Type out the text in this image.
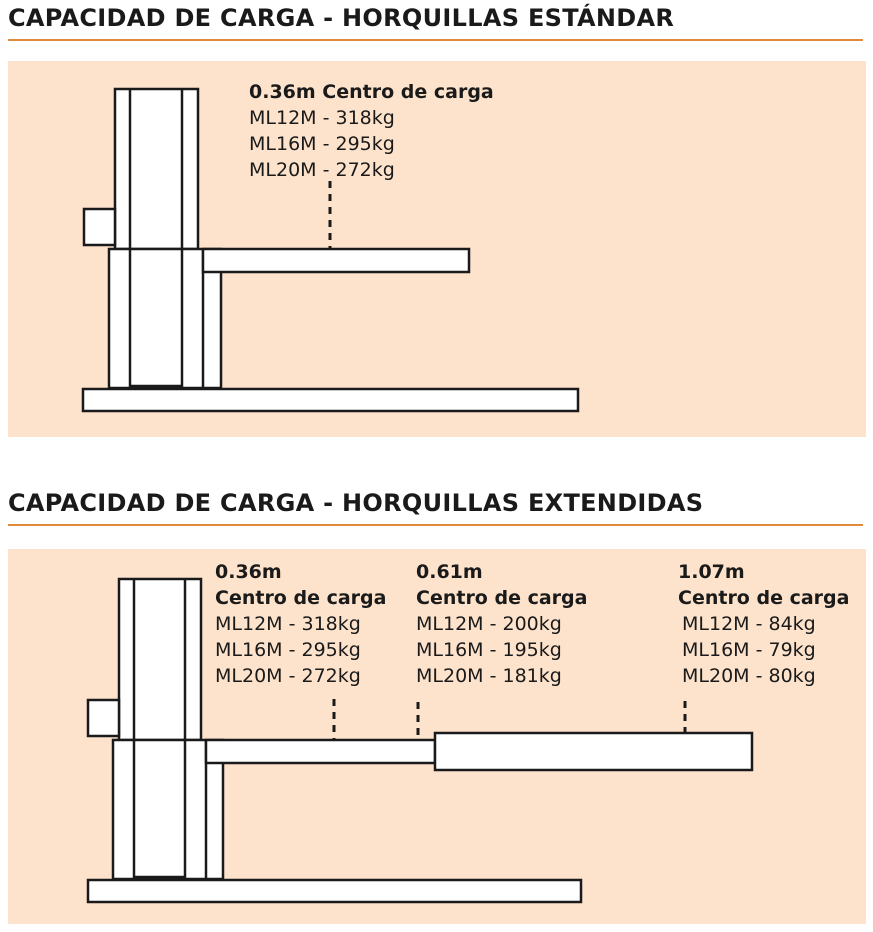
CAPACIDAD DE CARGA - HORQUILLAS ESTÁNDAR
0.36m Centro de carga
ML12M - 318kg
ML16M - 295kg
ML20M - 272kg
CAPACIDAD DE CARGA - HORQUILLAS EXTENDIDAS
0.36m
Centro de carga
ML12M - 318kg
ML16M - 295kg
ML20M - 272kg
0.61m
Centro de carga
ML12M - 200kg
ML16M - 195kg
ML20M - 181kg
1.07m
Centro de carga
ML12M - 84kg
ML16M - 79kg
ML20M - 80kg
